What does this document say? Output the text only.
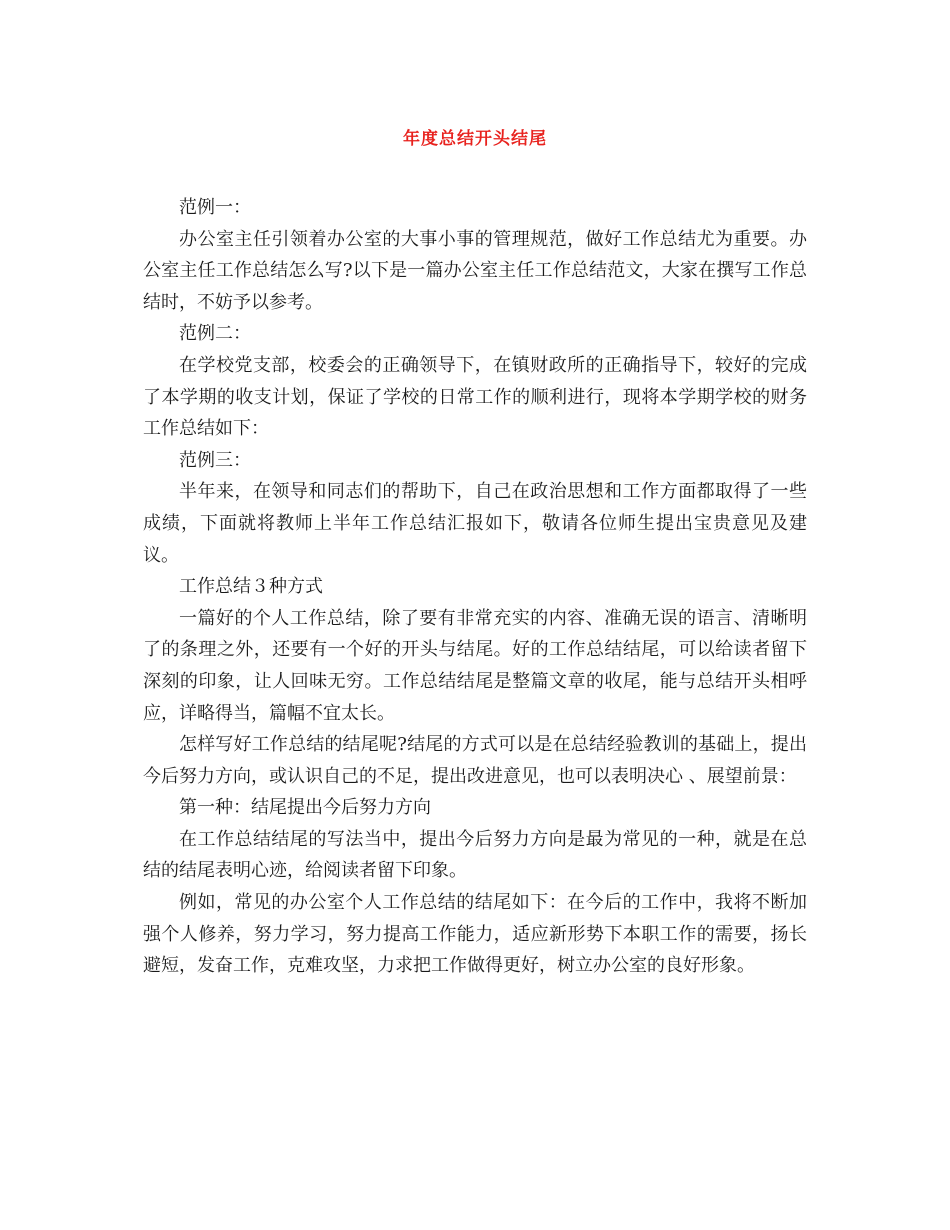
年度总结开头结尾

范例一：

办公室主任引领着办公室的大事小事的管理规范，做好工作总结尤为重要。办公室主任工作总结怎么写?以下是一篇办公室主任工作总结范文，大家在撰写工作总结时，不妨予以参考。

范例二：

在学校党支部，校委会的正确领导下，在镇财政所的正确指导下，较好的完成了本学期的收支计划，保证了学校的日常工作的顺利进行，现将本学期学校的财务工作总结如下：

范例三：

半年来，在领导和同志们的帮助下，自己在政治思想和工作方面都取得了一些成绩，下面就将教师上半年工作总结汇报如下，敬请各位师生提出宝贵意见及建议。

工作总结３种方式

一篇好的个人工作总结，除了要有非常充实的内容、准确无误的语言、清晰明了的条理之外，还要有一个好的开头与结尾。好的工作总结结尾，可以给读者留下深刻的印象，让人回味无穷。工作总结结尾是整篇文章的收尾，能与总结开头相呼应，详略得当，篇幅不宜太长。

怎样写好工作总结的结尾呢?结尾的方式可以是在总结经验教训的基础上，提出今后努力方向，或认识自己的不足，提出改进意见，也可以表明决心 、展望前景：

第一种：结尾提出今后努力方向

在工作总结结尾的写法当中，提出今后努力方向是最为常见的一种，就是在总结的结尾表明心迹，给阅读者留下印象。

例如，常见的办公室个人工作总结的结尾如下：在今后的工作中，我将不断加强个人修养，努力学习，努力提高工作能力，适应新形势下本职工作的需要，扬长避短，发奋工作，克难攻坚，力求把工作做得更好，树立办公室的良好形象。
